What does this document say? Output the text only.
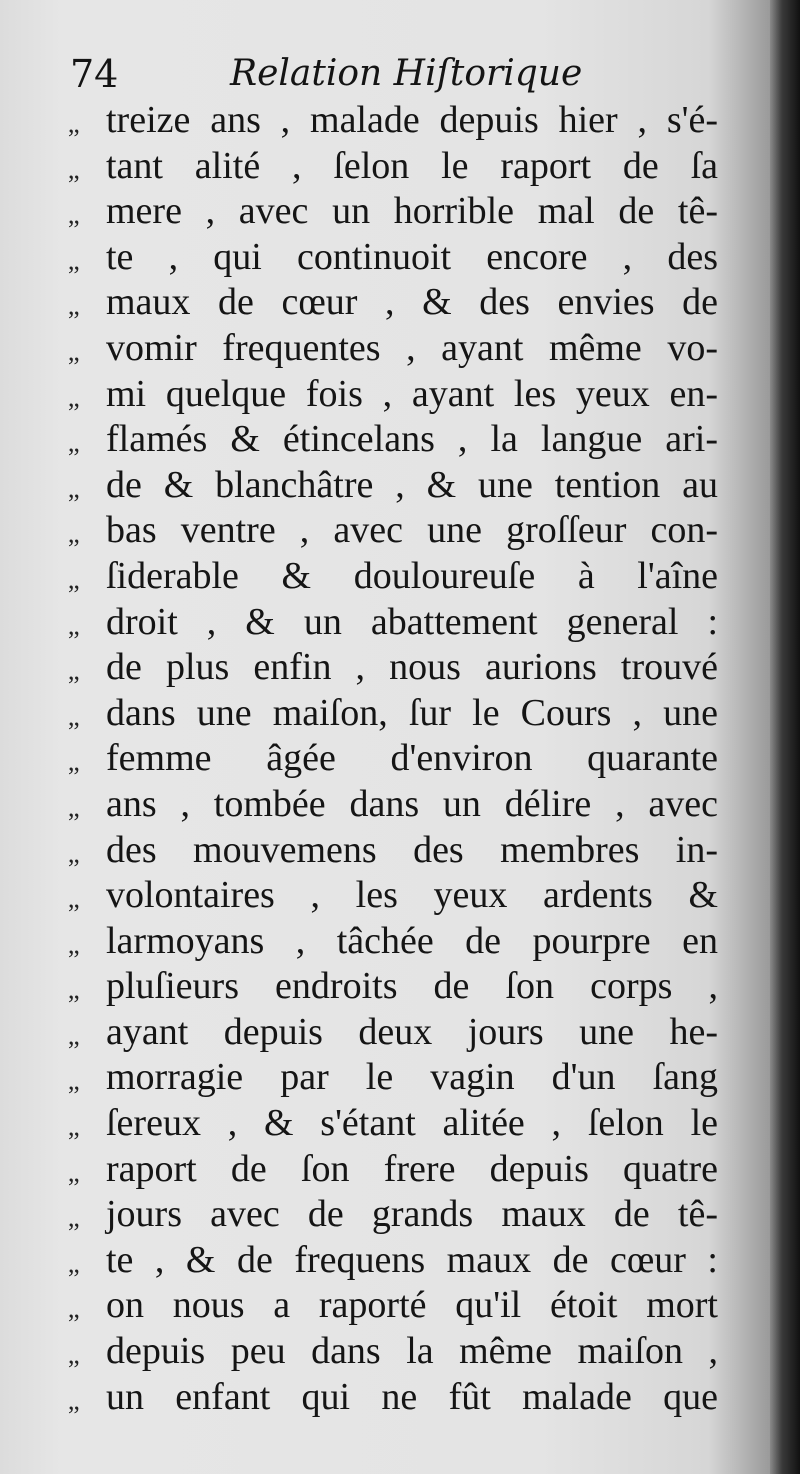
74	Relation Hiſtorique
,, treize ans , malade depuis hier , s'é-
,, tant alité , ſelon le raport de ſa
,, mere , avec un horrible mal de tê-
,, te , qui continuoit encore , des
,, maux de cœur , & des envies de
,, vomir frequentes , ayant même vo-
,, mi quelque fois , ayant les yeux en-
,, flamés & étincelans , la langue ari-
,, de & blanchâtre , & une tention au
,, bas ventre , avec une groſſeur con-
,, ſiderable & douloureuſe à l'aîne
,, droit , & un abattement general :
,, de plus enfin , nous aurions trouvé
,, dans une maiſon, ſur le Cours , une
,, femme âgée d'environ quarante
,, ans , tombée dans un délire , avec
,, des mouvemens des membres in-
,, volontaires , les yeux ardents &
,, larmoyans , tâchée de pourpre en
,, pluſieurs endroits de ſon corps ,
,, ayant depuis deux jours une he-
,, morragie par le vagin d'un ſang
,, ſereux , & s'étant alitée , ſelon le
,, raport de ſon frere depuis quatre
,, jours avec de grands maux de tê-
,, te , & de frequens maux de cœur :
,, on nous a raporté qu'il étoit mort
,, depuis peu dans la même maiſon ,
,, un enfant qui ne fût malade que
